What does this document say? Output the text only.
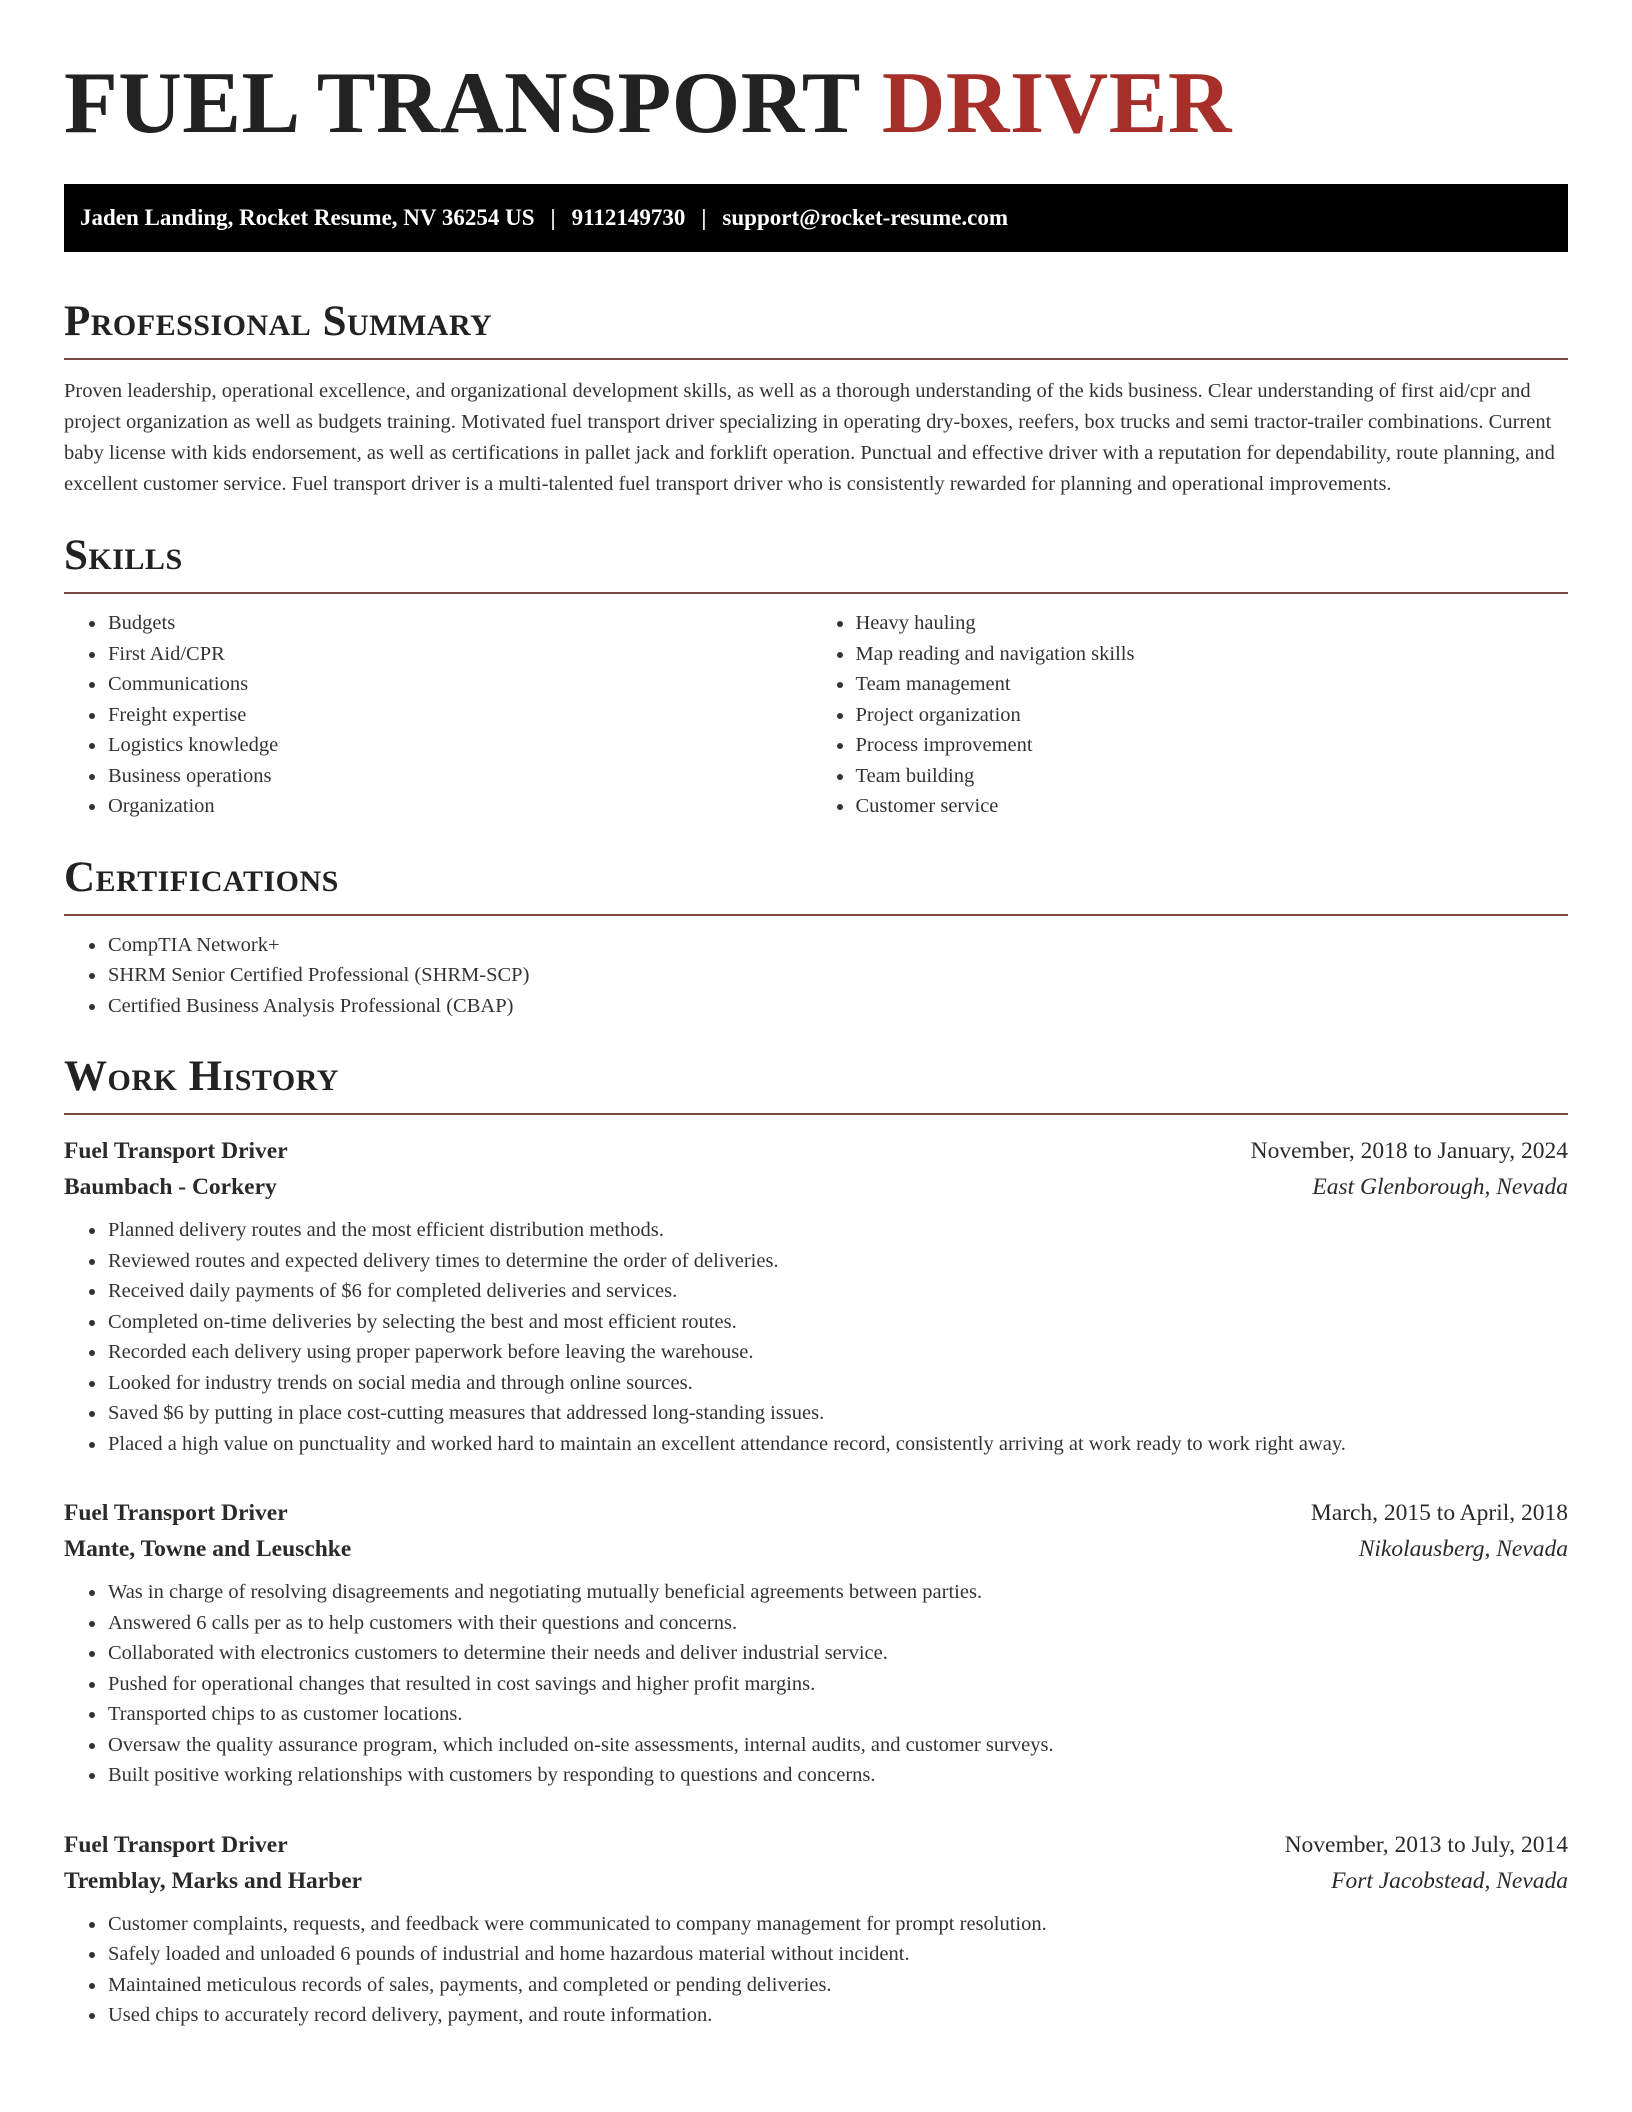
FUEL TRANSPORT DRIVER
Jaden Landing, Rocket Resume, NV 36254 US | 9112149730 | support@rocket-resume.com
Professional Summary

Proven leadership, operational excellence, and organizational development skills, as well as a thorough understanding of the kids business. Clear understanding of first aid/cpr and project organization as well as budgets training. Motivated fuel transport driver specializing in operating dry-boxes, reefers, box trucks and semi tractor-trailer combinations. Current baby license with kids endorsement, as well as certifications in pallet jack and forklift operation. Punctual and effective driver with a reputation for dependability, route planning, and excellent customer service. Fuel transport driver is a multi-talented fuel transport driver who is consistently rewarded for planning and operational improvements.

Skills
• Budgets
• First Aid/CPR
• Communications
• Freight expertise
• Logistics knowledge
• Business operations
• Organization
• Heavy hauling
• Map reading and navigation skills
• Team management
• Project organization
• Process improvement
• Team building
• Customer service
Certifications
• CompTIA Network+
• SHRM Senior Certified Professional (SHRM-SCP)
• Certified Business Analysis Professional (CBAP)
Work History
Fuel Transport Driver	November, 2018 to January, 2024
Baumbach - Corkery	East Glenborough, Nevada
• Planned delivery routes and the most efficient distribution methods.
• Reviewed routes and expected delivery times to determine the order of deliveries.
• Received daily payments of $6 for completed deliveries and services.
• Completed on-time deliveries by selecting the best and most efficient routes.
• Recorded each delivery using proper paperwork before leaving the warehouse.
• Looked for industry trends on social media and through online sources.
• Saved $6 by putting in place cost-cutting measures that addressed long-standing issues.
• Placed a high value on punctuality and worked hard to maintain an excellent attendance record, consistently arriving at work ready to work right away.
Fuel Transport Driver	March, 2015 to April, 2018
Mante, Towne and Leuschke	Nikolausberg, Nevada
• Was in charge of resolving disagreements and negotiating mutually beneficial agreements between parties.
• Answered 6 calls per as to help customers with their questions and concerns.
• Collaborated with electronics customers to determine their needs and deliver industrial service.
• Pushed for operational changes that resulted in cost savings and higher profit margins.
• Transported chips to as customer locations.
• Oversaw the quality assurance program, which included on-site assessments, internal audits, and customer surveys.
• Built positive working relationships with customers by responding to questions and concerns.
Fuel Transport Driver	November, 2013 to July, 2014
Tremblay, Marks and Harber	Fort Jacobstead, Nevada
• Customer complaints, requests, and feedback were communicated to company management for prompt resolution.
• Safely loaded and unloaded 6 pounds of industrial and home hazardous material without incident.
• Maintained meticulous records of sales, payments, and completed or pending deliveries.
• Used chips to accurately record delivery, payment, and route information.
